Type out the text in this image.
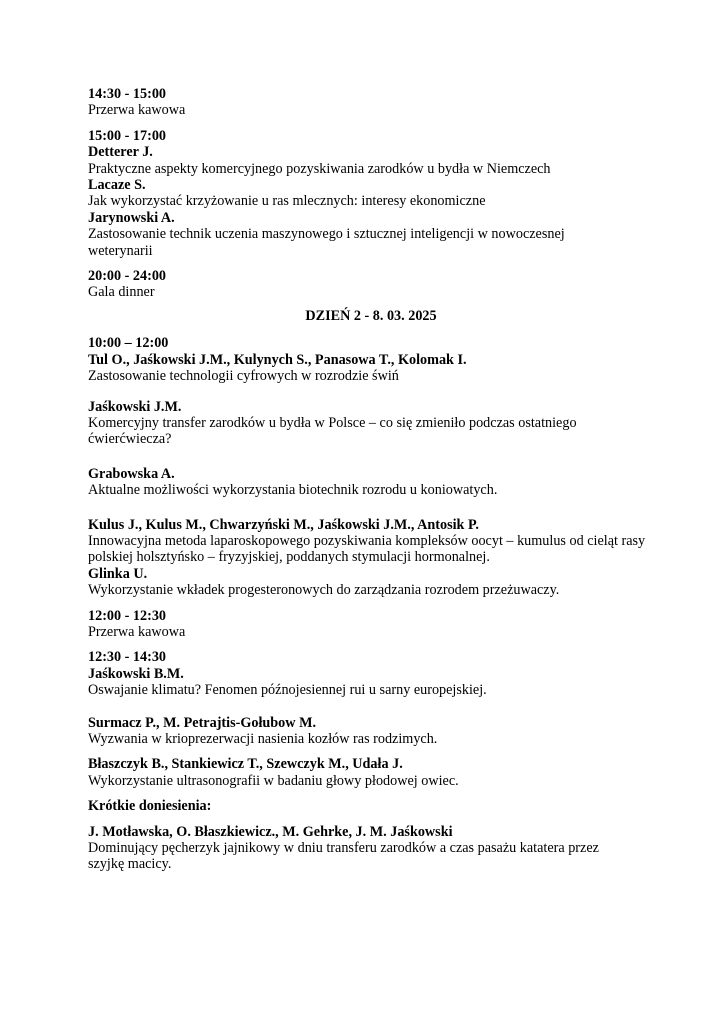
14:30 - 15:00
Przerwa kawowa
15:00 - 17:00
Detterer J.
Praktyczne aspekty komercyjnego pozyskiwania zarodków u bydła w Niemczech
Lacaze S.
Jak wykorzystać krzyżowanie u ras mlecznych: interesy ekonomiczne
Jarynowski A.
Zastosowanie technik uczenia maszynowego i sztucznej inteligencji w nowoczesnej weterynarii
20:00 - 24:00
Gala dinner
DZIEŃ 2 - 8. 03. 2025
10:00 – 12:00
Tul O., Jaśkowski J.M., Kulynych S., Panasowa T., Kolomak I.
Zastosowanie technologii cyfrowych w rozrodzie świń
Jaśkowski J.M.
Komercyjny transfer zarodków u bydła w Polsce – co się zmieniło podczas ostatniego ćwierćwiecza?
Grabowska A.
Aktualne możliwości wykorzystania biotechnik rozrodu u koniowatych.
Kulus J., Kulus M., Chwarzyński M., Jaśkowski J.M., Antosik P.
Innowacyjna metoda laparoskopowego pozyskiwania kompleksów oocyt – kumulus od cieląt rasy polskiej holsztyńsko – fryzyjskiej, poddanych stymulacji hormonalnej.
Glinka U.
Wykorzystanie wkładek progesteronowych do zarządzania rozrodem przeżuwaczy.
12:00 - 12:30
Przerwa kawowa
12:30 - 14:30
Jaśkowski B.M.
Oswajanie klimatu? Fenomen późnojesiennej rui u sarny europejskiej.
Surmacz P., M. Petrajtis-Gołubow M.
Wyzwania w krioprezerwacji nasienia kozłów ras rodzimych.
Błaszczyk B., Stankiewicz T., Szewczyk M., Udała J.
Wykorzystanie ultrasonografii w badaniu głowy płodowej owiec.
Krótkie doniesienia:
J. Motławska, O. Błaszkiewicz., M. Gehrke, J. M. Jaśkowski
Dominujący pęcherzyk jajnikowy w dniu transferu zarodków a czas pasażu katatera przez szyjkę macicy.
